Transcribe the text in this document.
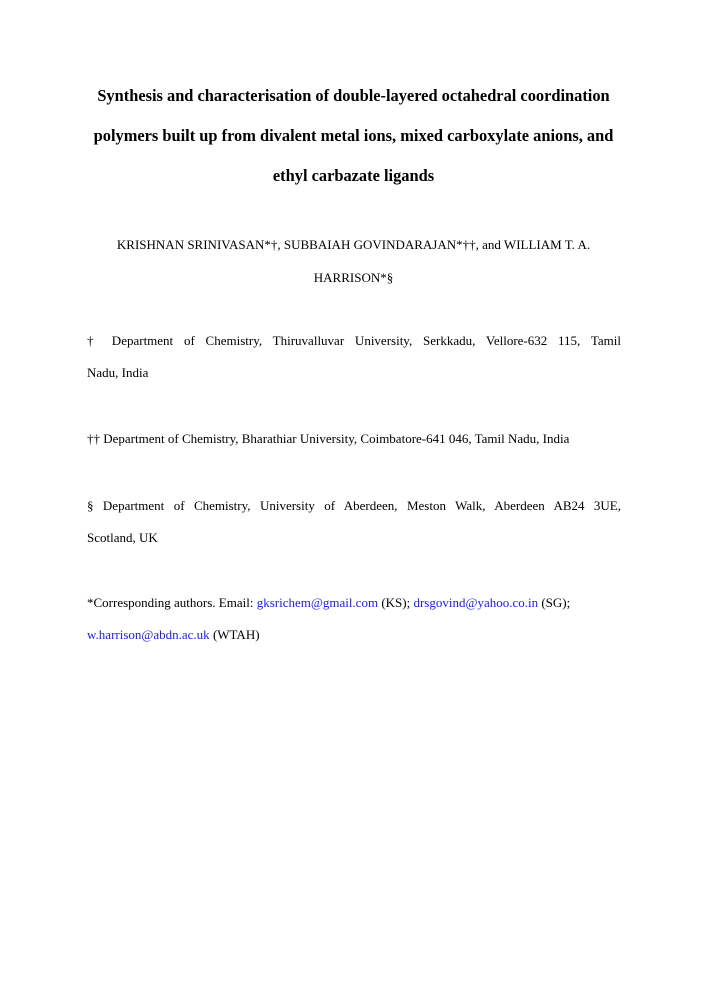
Synthesis and characterisation of double-layered octahedral coordination
polymers built up from divalent metal ions, mixed carboxylate anions, and
ethyl carbazate ligands

KRISHNAN SRINIVASAN*†, SUBBAIAH GOVINDARAJAN*††, and WILLIAM T. A.
HARRISON*§

† Department of Chemistry, Thiruvalluvar University, Serkkadu, Vellore-632 115, Tamil
Nadu, India

†† Department of Chemistry, Bharathiar University, Coimbatore-641 046, Tamil Nadu, India

§ Department of Chemistry, University of Aberdeen, Meston Walk, Aberdeen AB24 3UE,
Scotland, UK

*Corresponding authors. Email: gksrichem@gmail.com (KS); drsgovind@yahoo.co.in (SG);
w.harrison@abdn.ac.uk (WTAH)
